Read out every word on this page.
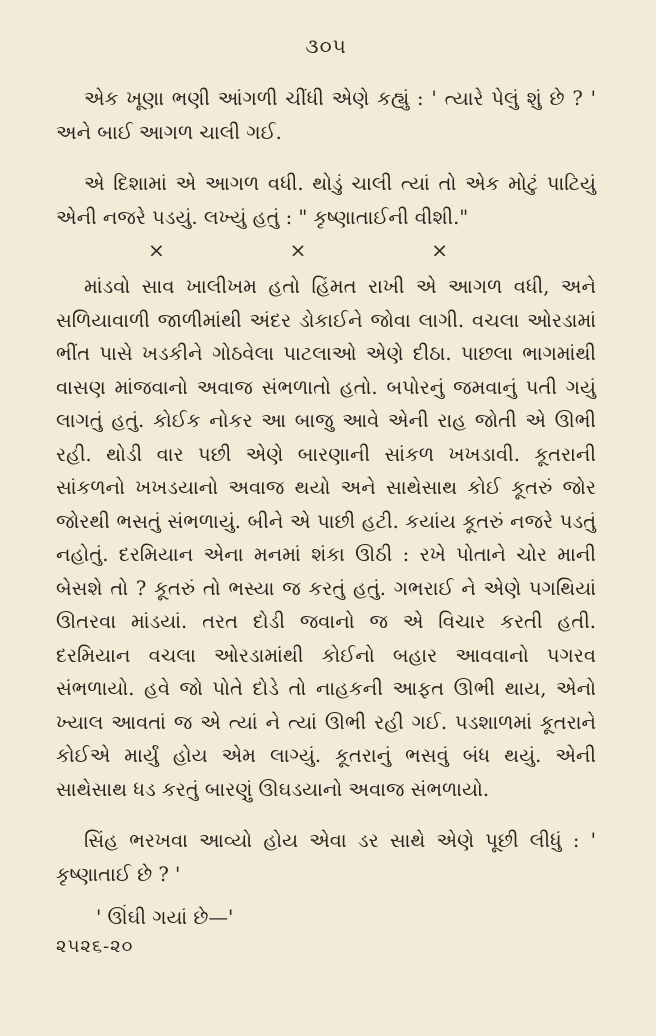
૩૦૫

એક ખૂણા ભણી આંગળી ચીંધી એણે કહ્યું : ' ત્યારે પેલું શું છે ? ' અને બાઈ આગળ ચાલી ગઈ.

એ દિશામાં એ આગળ વધી. થોડું ચાલી ત્યાં તો એક મોટું પાટિયું એની નજરે પડયું. લખ્યું હતું : " કૃષ્ણાતાઈની વીશી."

×	×	×

માંડવો સાવ ખાલીખમ હતો હિંમત રાખી એ આગળ વધી, અને સળિયાવાળી જાળીમાંથી અંદર ડોકાઈને જોવા લાગી. વચલા ઓરડામાં ભીંત પાસે ખડકીને ગોઠવેલા પાટલાઓ એણે દીઠા. પાછલા ભાગમાંથી વાસણ માંજવાનો અવાજ સંભળાતો હતો. બપોરનું જમવાનું પતી ગયું લાગતું હતું. કોઈક નોકર આ બાજુ આવે એની રાહ જોતી એ ઊભી રહી. થોડી વાર પછી એણે બારણાની સાંકળ ખખડાવી. કૂતરાની સાંકળનો ખખડયાનો અવાજ થયો અને સાથેસાથ કોઈ કૂતરું જોર જોરથી ભસતું સંભળાયું. બીને એ પાછી હટી. કયાંય કૂતરું નજરે પડતું નહોતું. દરમિયાન એના મનમાં શંકા ઊઠી : રખે પોતાને ચોર માની બેસશે તો ? કૂતરું તો ભસ્યા જ કરતું હતું. ગભરાઈ ને એણે પગથિયાં ઊતરવા માંડયાં. તરત દોડી જવાનો જ એ વિચાર કરતી હતી. દરમિયાન વચલા ઓરડામાંથી કોઈનો બહાર આવવાનો પગરવ સંભળાયો. હવે જો પોતે દોડે તો નાહકની આફત ઊભી થાય, એનો ખ્યાલ આવતાં જ એ ત્યાં ને ત્યાં ઊભી રહી ગઈ. પડશાળમાં કૂતરાને કોઈએ માર્યું હોય એમ લાગ્યું. કૂતરાનું ભસવું બંધ થયું. એની સાથેસાથ ધડ કરતું બારણું ઊઘડયાનો અવાજ સંભળાયો.

સિંહ ભરખવા આવ્યો હોય એવા ડર સાથે એણે પૂછી લીધું : ' કૃષ્ણાતાઈ છે ? '

' ઊંઘી ગયાં છે—'
૨૫૨૬-૨૦
